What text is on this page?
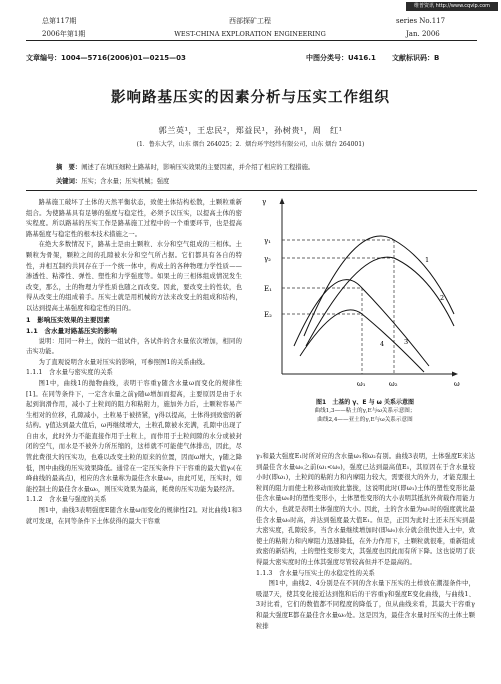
维普资讯 http://www.cqvip.com
总第117期	西部探矿工程	series No.117
2006年第1期	WEST-CHINA EXPLORATION ENGINEERING	Jan. 2006
文章编号：1004—5716(2006)01—0215—03	中图分类号：U416.1 文献标识码：B
影响路基压实的因素分析与压实工作组织
郭兰英¹，王忠民²，郑益民¹，孙树贵¹，周　红¹
(1．鲁东大学，山东 烟台 264025；2．烟台环宇经纬有限公司，山东 烟台 264001)
摘　要：阐述了在填压细粒土路基时，影响压实效果的主要因素，并介绍了相应的工程措施。
关键词：压实；含水量；压实机械；强度

路基施工破坏了土体的天然平衡状态，致使土体结构松散，土颗粒重新组合。为使路基具有足够的强度与稳定性，必须予以压实，以提高土体的密实程度。所以路基的压实工作是路基施工过程中的一个重要环节，也是提高路基强度与稳定性的根本技术措施之一。

在绝大多数情况下，路基土是由土颗粒、水分和空气组成的三相体。土颗粒为骨架，颗粒之间的孔隙被水分和空气所占据。它们都具有各自的特性，并相互制约共同存在于一个统一体中，构成土的各种物理力学性质——渗透性、粘滞性、弹性、塑性和力学强度等。如果土的三相体组成情况发生改变，那么，土的物理力学性质也随之而改变。因此，要改变土的性状，也得从改变土的组成着手。压实土就是用机械的方法来改变土的组成和结构，以达到提高土基强度和稳定性的目的。

1　影响压实效果的主要因素
1.1　含水量对路基压实的影响

说明：用同一种土，做的一组试件，各试件的含水量依次增加，相同的击实功能。

为了直观说明含水量对压实的影响，可参照图1的关系曲线。

1.1.1　含水量与密实度的关系

图1中，曲线1的抛物曲线，表明干容重γ随含水量ω而变化的规律性[1]。在同等条件下，一定含水量之前γ随ω增加而提高，主要原因是由于水起到润滑作用，减小了土粒间的阻力和粘附力，施加外力后，土颗粒容易产生相对的位移，孔隙减小，土粒易于被挤紧，γ得以提高，土体得到致密的新结构。γ值达到最大值后，ω再继续增大，土粒孔隙被水充满，孔隙中出现了自由水，此时外力不能直接作用于土粒上，而作用于土粒间隙的水分或被封闭的空气，而水是不被外力所压缩的，这样就不可能使气体排出，因此，尽管此费很大的压实功，也难以改变土粒的原来的位置，因而ω增大，γ随之降低，图中曲线的压实效果降低。通常在一定压实条件下干容重的最大值γ₀(在峰曲线的最高点)，相应的含水量称为最佳含水量ω₀，由此可见，压实时，如能控制土的最佳含水量ω₀，则压实效果为最高，耗费的压实功能为最经济。

1.1.2　含水量与强度的关系

图1中，曲线3表明强度E随含水量ω而变化的规律性[2]。对比曲线1和3就可发现，在同等条件下土体获得的最大干容重

γ
γ₁
γ₂
E₁
E₂
ω₁	ω₂	ω
1
2
3
4
图1　土基的 γ、E 与 ω 关系示意图
曲线1,3——粘土的γ,E与ω关系示意图；
曲线2,4——亚土的γ,E与ω关系示意图

γ₁和最大强度E₁时所对应的含水量ω₁和ω₂有别。曲线3表明，土体强度E来达到最佳含水量ω₀之前(ω₁<ω₀)，强度已达到最高值E₁，其原因在于含水量较小时(即ω₁)，土粒间的粘附力和内摩阻力较大，需要很大的外力，才能克服土粒间的阻力而使土粒移动而致此靠拢，这说明此时(即ω₁)土体的塑性变形比最佳含水量ω₀时的塑性变形小，土体塑性变形的大小表明其抵抗外荷载作用能力的大小，也就是表明土体强度的大小。因此，土的含水量为ω₁时的强度就比最佳含水量ω₀时高，并达到强度最大值E₁。但是，正因为此时土还未压实到最大密实度，孔隙较多，当含水量继续增加时(即ω₀)水分就会很快进入土中，致使土的粘附力和内摩阻力迅速降低，在外力作用下，土颗粒就很难，重新组成致密的新结构，土的塑性变形变大，其强度也因此而有所下降。这也说明了获得最大密实度时的土体其强度尽管较高但并不是最高的。

1.1.3　含水量与压实土的水稳定性的关系

图1中，曲线2、4分别是在不同的含水量下压实的土样放在潮湿条件中，吸湿7天，使其变化接近达到饱和后的干容重γ和强度E变化曲线，与曲线1、3对比看，它们的数值都不同程度的降低了，但从曲线来看，其最大干容重γ和最大强度E都在最佳含水量ω₀处。这是因为，最佳含水量时压实的土体土颗粒排
